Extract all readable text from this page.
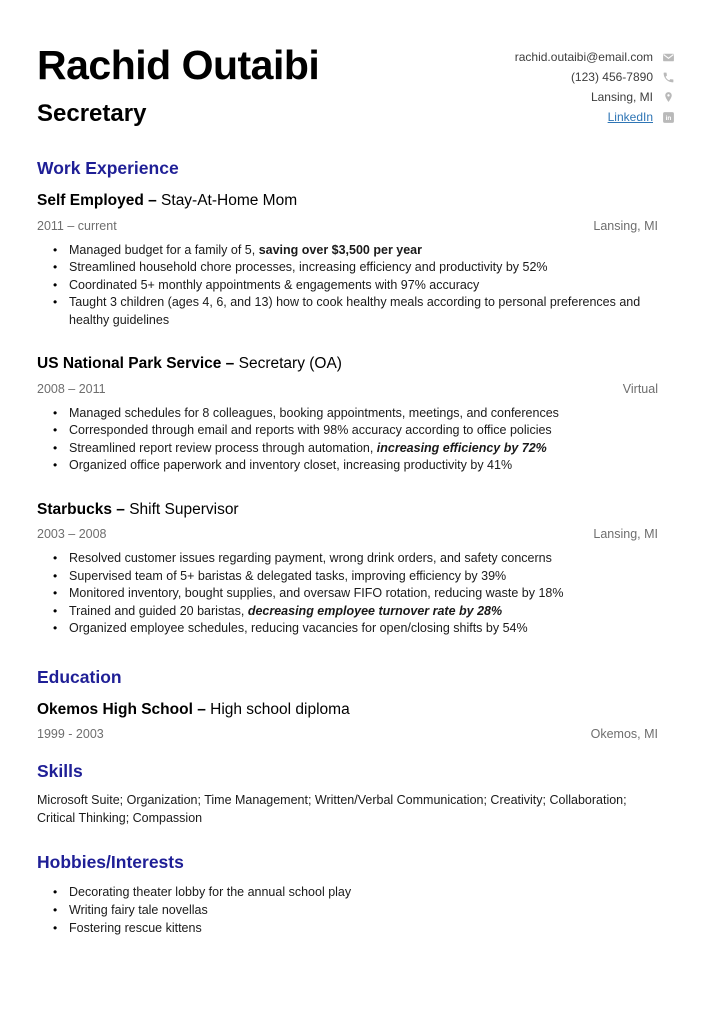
Rachid Outaibi
Secretary
rachid.outaibi@email.com
(123) 456-7890
Lansing, MI
LinkedIn in
Work Experience
Self Employed – Stay-At-Home Mom
2011 – current	Lansing, MI
• Managed budget for a family of 5, saving over $3,500 per year
• Streamlined household chore processes, increasing efficiency and productivity by 52%
• Coordinated 5+ monthly appointments & engagements with 97% accuracy
• Taught 3 children (ages 4, 6, and 13) how to cook healthy meals according to personal preferences and healthy guidelines
US National Park Service – Secretary (OA)
2008 – 2011	Virtual
• Managed schedules for 8 colleagues, booking appointments, meetings, and conferences
• Corresponded through email and reports with 98% accuracy according to office policies
• Streamlined report review process through automation, increasing efficiency by 72%
• Organized office paperwork and inventory closet, increasing productivity by 41%
Starbucks – Shift Supervisor
2003 – 2008	Lansing, MI
• Resolved customer issues regarding payment, wrong drink orders, and safety concerns
• Supervised team of 5+ baristas & delegated tasks, improving efficiency by 39%
• Monitored inventory, bought supplies, and oversaw FIFO rotation, reducing waste by 18%
• Trained and guided 20 baristas, decreasing employee turnover rate by 28%
• Organized employee schedules, reducing vacancies for open/closing shifts by 54%
Education
Okemos High School – High school diploma
1999 - 2003	Okemos, MI
Skills

Microsoft Suite; Organization; Time Management; Written/Verbal Communication; Creativity; Collaboration; Critical Thinking; Compassion

Hobbies/Interests
• Decorating theater lobby for the annual school play
• Writing fairy tale novellas
• Fostering rescue kittens
